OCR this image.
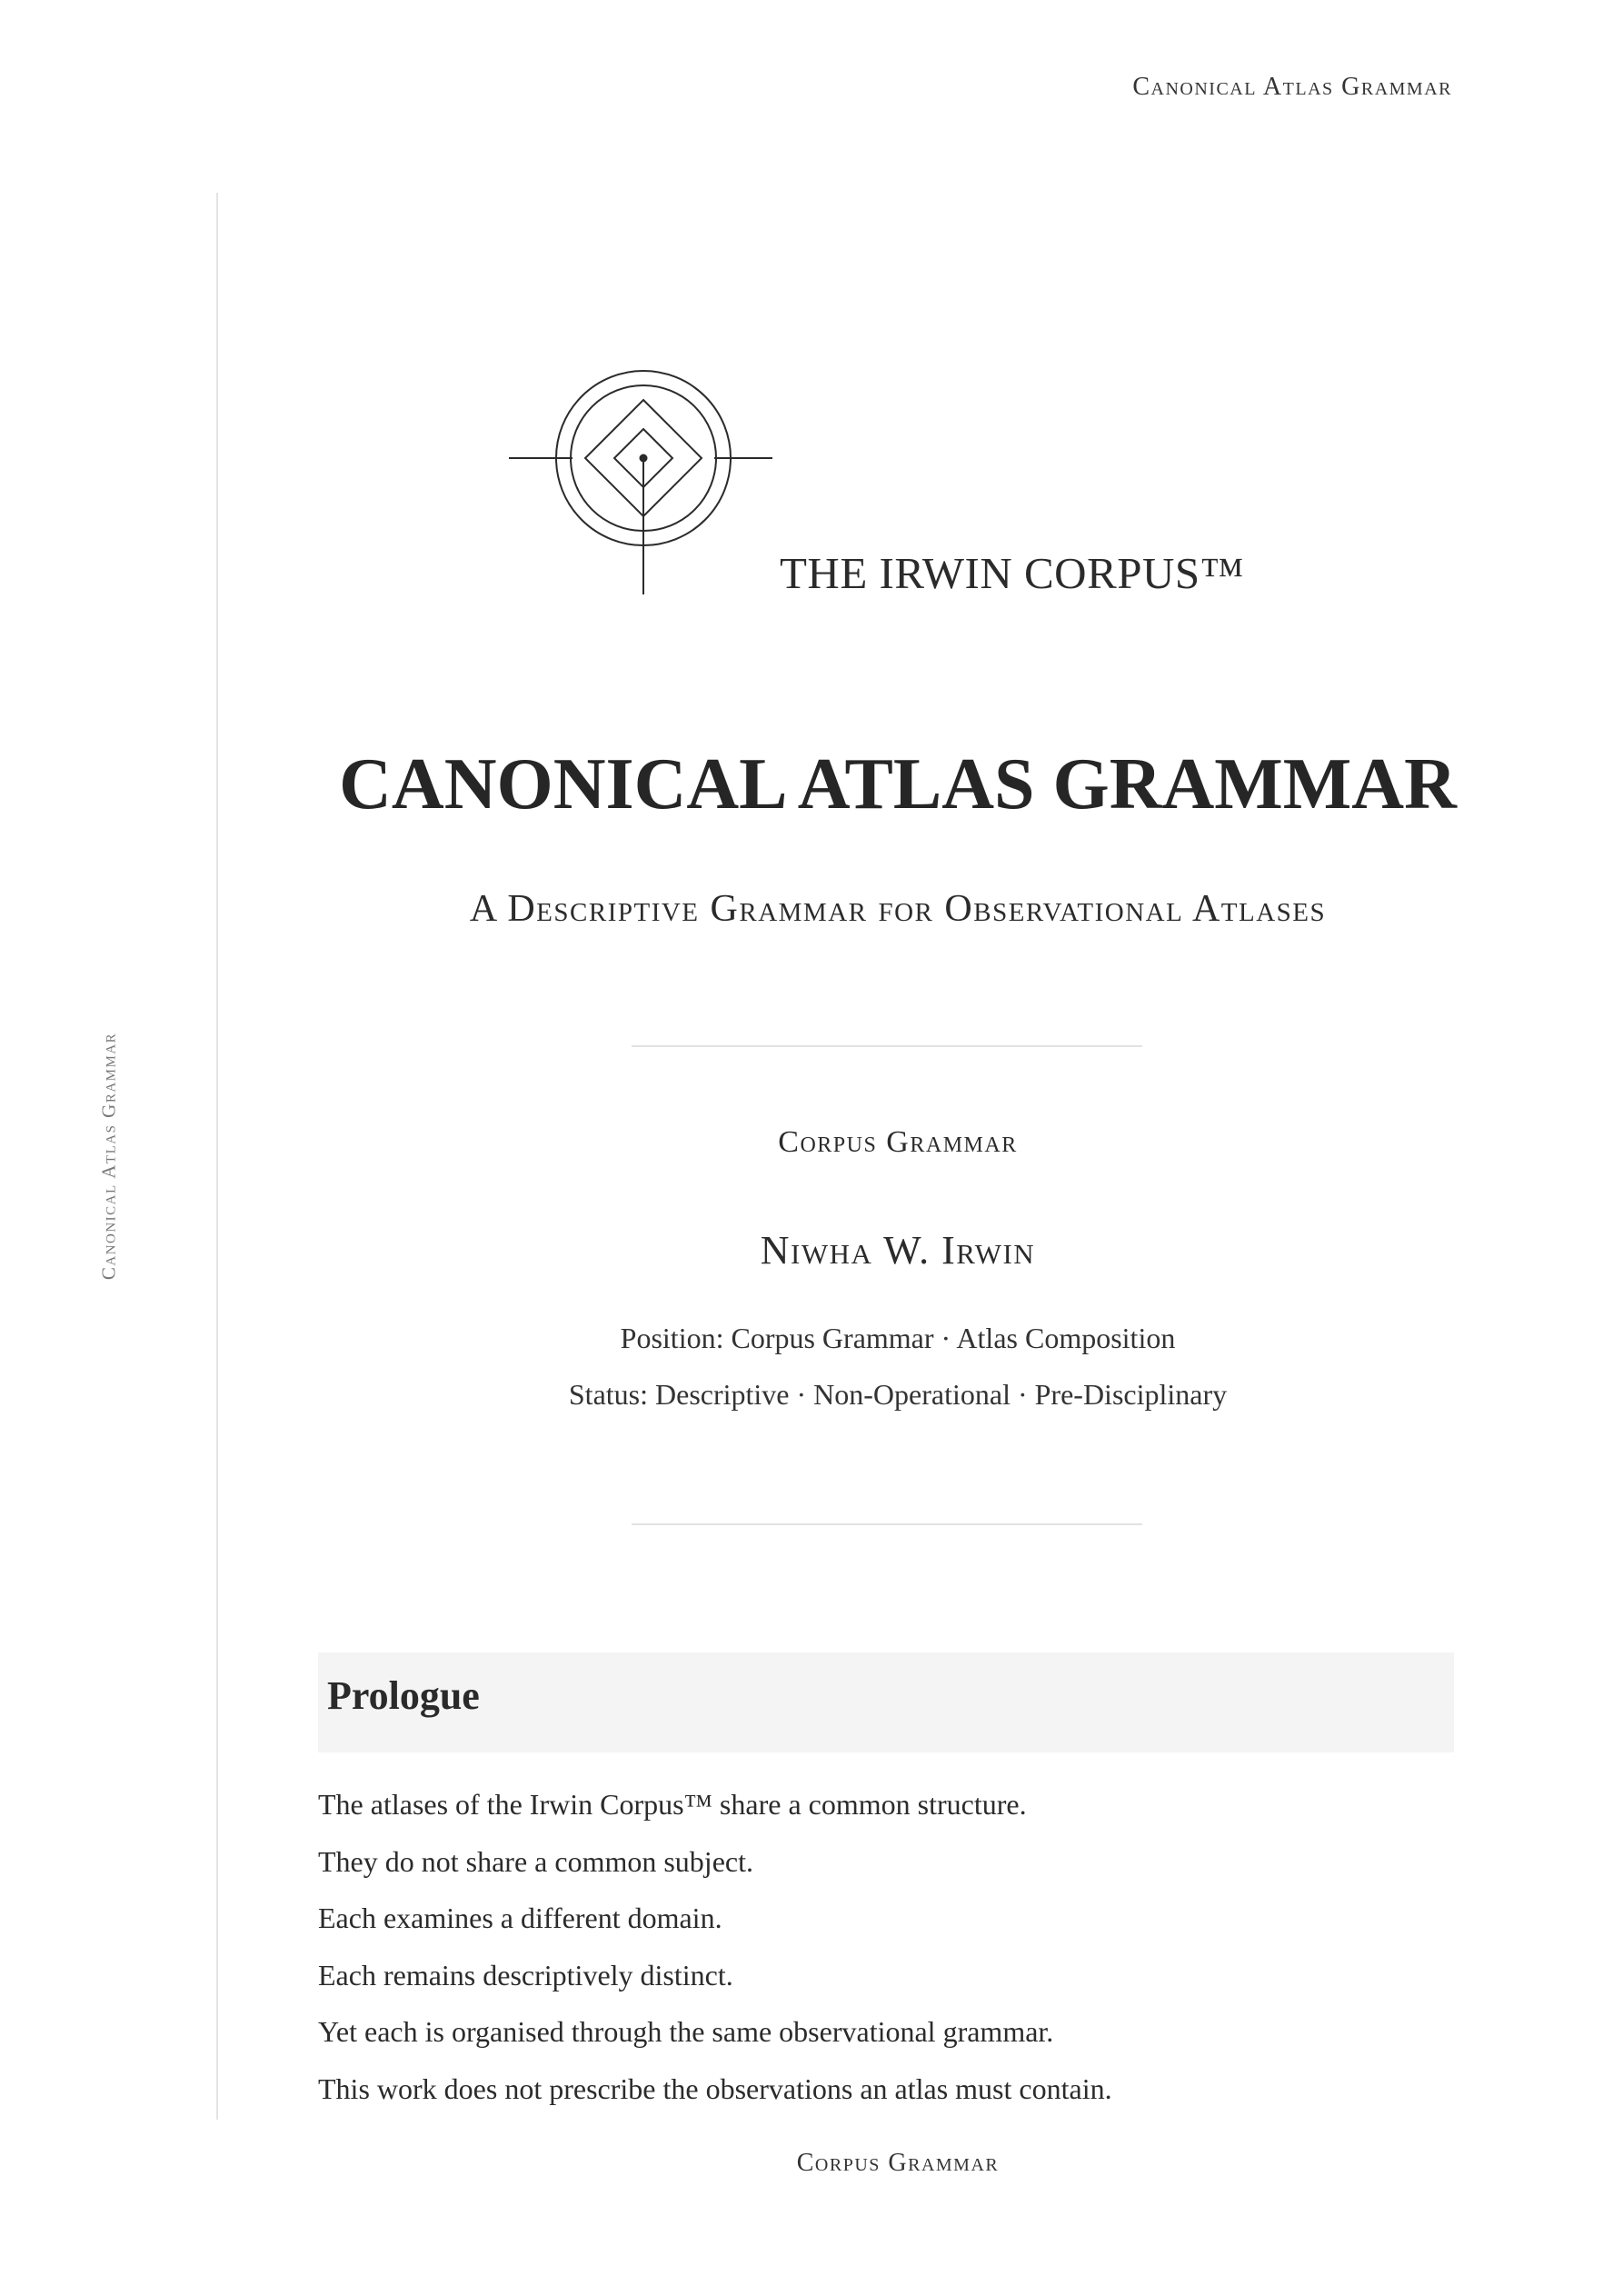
Canonical Atlas Grammar
Canonical Atlas Grammar
THE IRWIN CORPUS™
CANONICAL ATLAS GRAMMAR
A Descriptive Grammar for Observational Atlases
Corpus Grammar
Niwha W. Irwin
Position: Corpus Grammar · Atlas Composition
Status: Descriptive · Non-Operational · Pre-Disciplinary
Prologue
The atlases of the Irwin Corpus™ share a common structure.
They do not share a common subject.
Each examines a different domain.
Each remains descriptively distinct.
Yet each is organised through the same observational grammar.
This work does not prescribe the observations an atlas must contain.
Corpus Grammar
